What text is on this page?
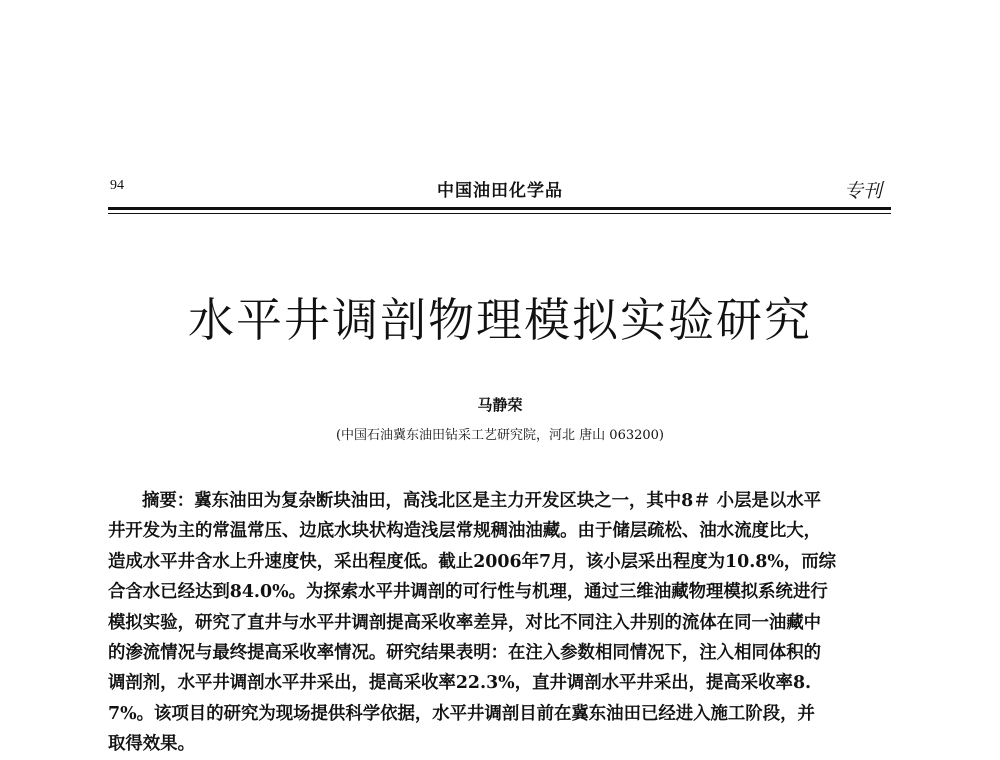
94	中国油田化学品	专刊
水平井调剖物理模拟实验研究
马静荣
(中国石油冀东油田钻采工艺研究院，河北 唐山 063200)
摘要：冀东油田为复杂断块油田，高浅北区是主力开发区块之一，其中8＃ 小层是以水平
井开发为主的常温常压、边底水块状构造浅层常规稠油油藏。由于储层疏松、油水流度比大，
造成水平井含水上升速度快，采出程度低。截止2006年7月，该小层采出程度为10.8%，而综
合含水已经达到84.0%。为探索水平井调剖的可行性与机理，通过三维油藏物理模拟系统进行
模拟实验，研究了直井与水平井调剖提高采收率差异，对比不同注入井别的流体在同一油藏中
的渗流情况与最终提高采收率情况。研究结果表明：在注入参数相同情况下，注入相同体积的
调剖剂，水平井调剖水平井采出，提高采收率22.3%，直井调剖水平井采出，提高采收率8.
7%。该项目的研究为现场提供科学依据，水平井调剖目前在冀东油田已经进入施工阶段，并
取得效果。
